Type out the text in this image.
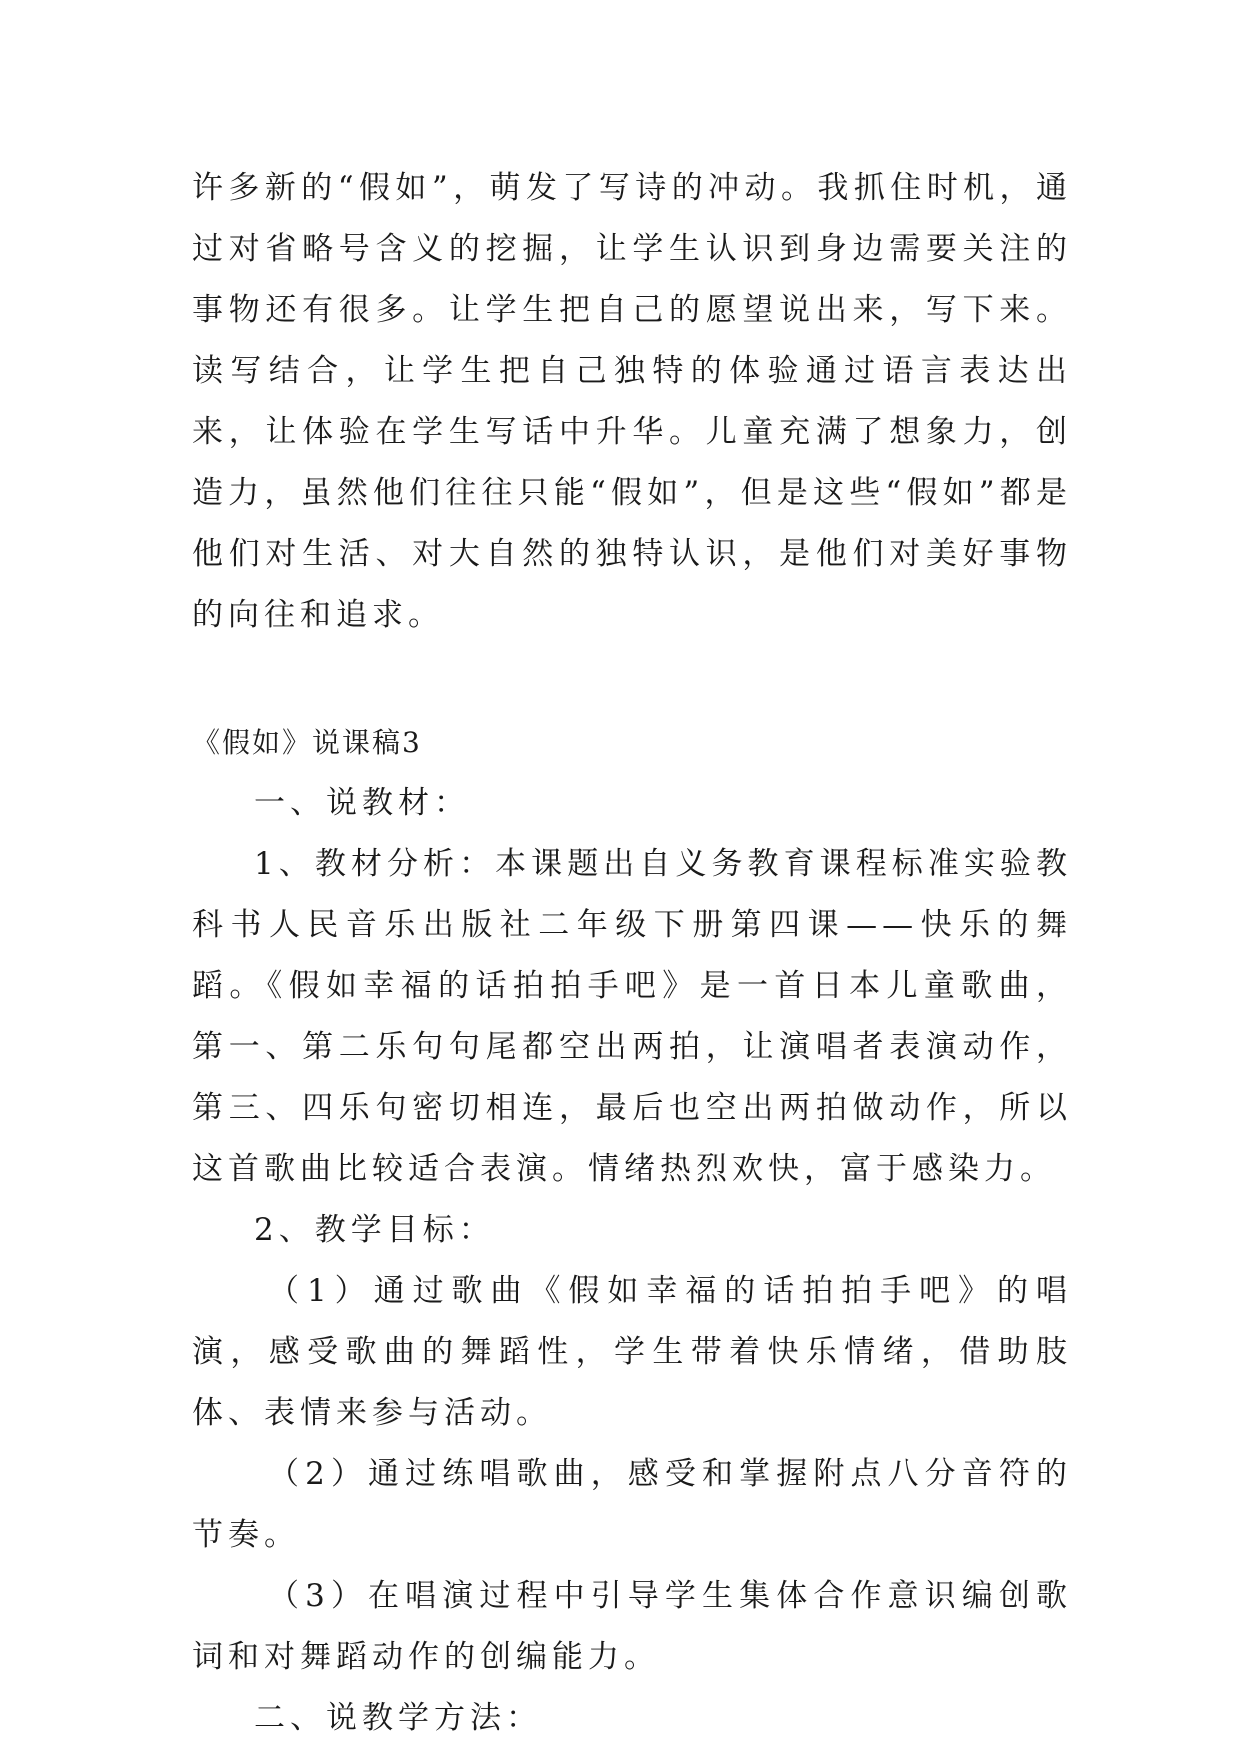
许多新的“假如”，萌发了写诗的冲动。我抓住时机，通过对省略号含义的挖掘，让学生认识到身边需要关注的事物还有很多。让学生把自己的愿望说出来，写下来。读写结合，让学生把自己独特的体验通过语言表达出来，让体验在学生写话中升华。儿童充满了想象力，创造力，虽然他们往往只能“假如”，但是这些“假如”都是他们对生活、对大自然的独特认识，是他们对美好事物的向往和追求。

《假如》说课稿3

一、说教材：

1、教材分析：本课题出自义务教育课程标准实验教科书人民音乐出版社二年级下册第四课——快乐的舞蹈。《假如幸福的话拍拍手吧》是一首日本儿童歌曲，第一、第二乐句句尾都空出两拍，让演唱者表演动作，第三、四乐句密切相连，最后也空出两拍做动作，所以这首歌曲比较适合表演。情绪热烈欢快，富于感染力。

2、教学目标：

（1）通过歌曲《假如幸福的话拍拍手吧》的唱演，感受歌曲的舞蹈性，学生带着快乐情绪，借助肢体、表情来参与活动。

（2）通过练唱歌曲，感受和掌握附点八分音符的节奏。

（3）在唱演过程中引导学生集体合作意识编创歌词和对舞蹈动作的创编能力。

二、说教学方法：
